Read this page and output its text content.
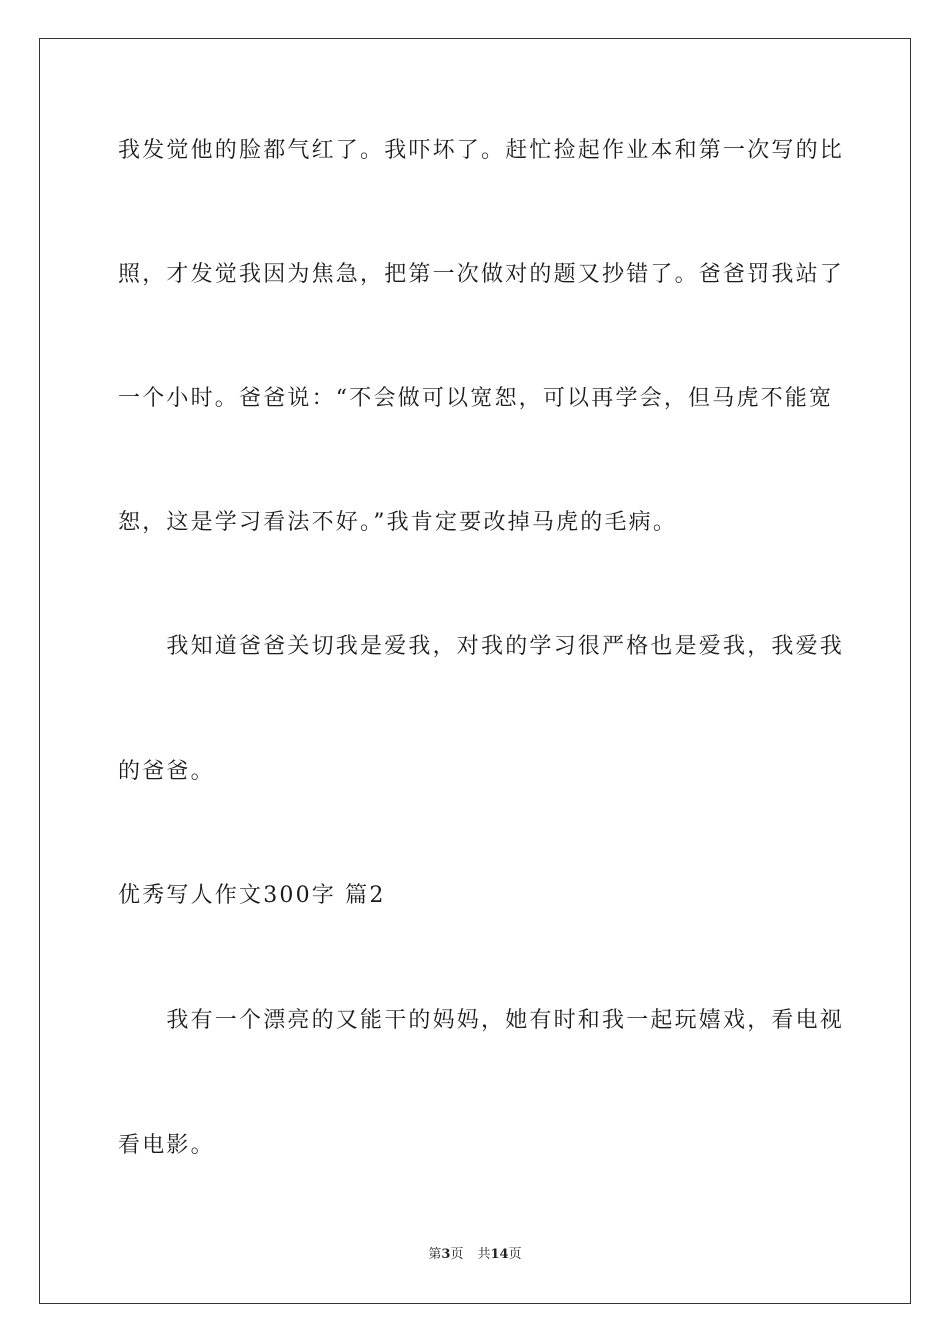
我发觉他的脸都气红了。我吓坏了。赶忙捡起作业本和第一次写的比
照，才发觉我因为焦急，把第一次做对的题又抄错了。爸爸罚我站了
一个小时。爸爸说：“不会做可以宽恕，可以再学会，但马虎不能宽
恕，这是学习看法不好。”我肯定要改掉马虎的毛病。
　　我知道爸爸关切我是爱我，对我的学习很严格也是爱我，我爱我
的爸爸。
优秀写人作文300字 篇2
　　我有一个漂亮的又能干的妈妈，她有时和我一起玩嬉戏，看电视
看电影。
第3页 共14页
